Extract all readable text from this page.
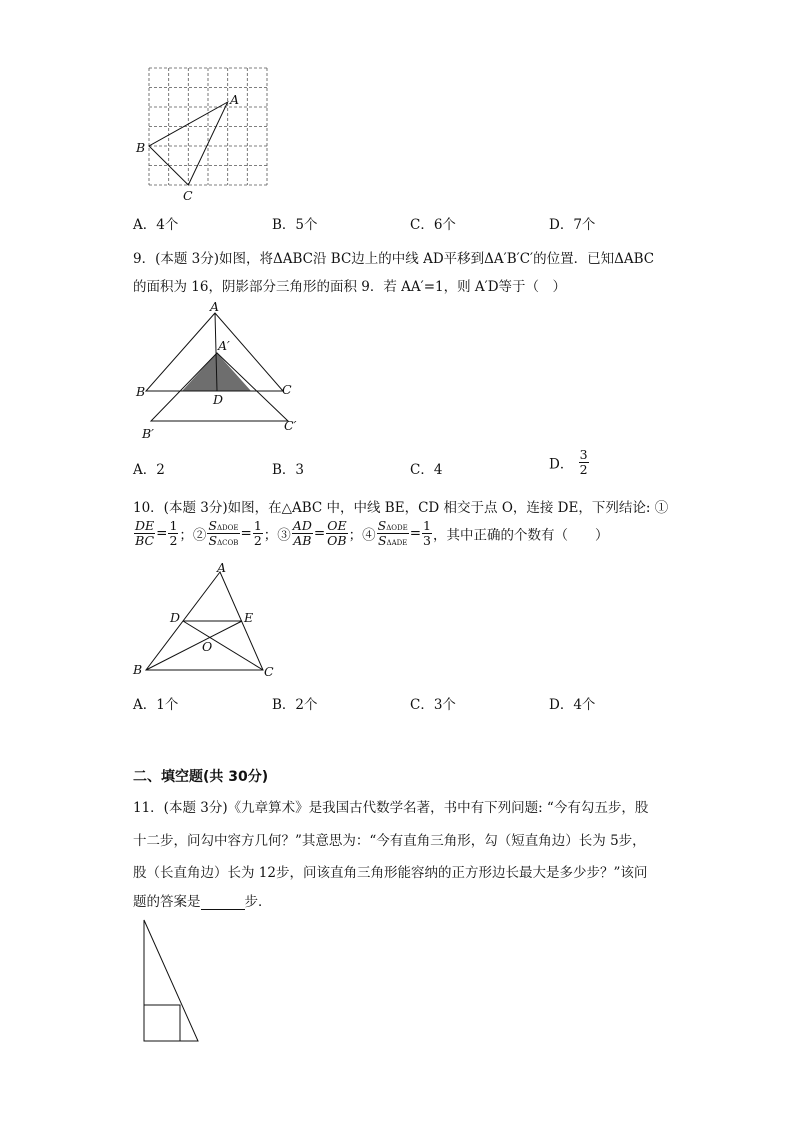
A
B
C
A．4个	B．5个	C．6个	D．7个
9．(本题 3分)如图，将ΔABC沿 BC边上的中线 AD平移到ΔA′B′C′的位置．已知ΔABC
的面积为 16，阴影部分三角形的面积 9．若 AA′=1，则 A′D等于（　）
A
A′
B	C
D
B′
C′
A．2	B．3	C．4	D． $\frac{3}{2}$
10．(本题 3分)如图，在△ABC 中，中线 BE，CD 相交于点 O，连接 DE，下列结论: ①
$\frac{DE}{BC} = \frac{1}{2}$ ；② $\frac{\text{SΔDOE}}{\text{SΔCOB}} = \frac{1}{2}$ ；③ $\frac{AD}{AB} = \frac{OE}{OB}$ ；④ $\frac{\text{SΔODE}}{\text{SΔADE}} = \frac{1}{3}$ ，其中正确的个数有（　　）
A
D	E
O
B	C
A．1个	B．2个	C．3个	D．4个
二、填空题(共 30分)
11．(本题 3分)《九章算术》是我国古代数学名著，书中有下列问题: “今有勾五步，股
十二步，问勾中容方几何？”其意思为：“今有直角三角形，勾（短直角边）长为 5步，
股（长直角边）长为 12步，问该直角三角形能容纳的正方形边长最大是多少步？”该问
题的答案是	步．
